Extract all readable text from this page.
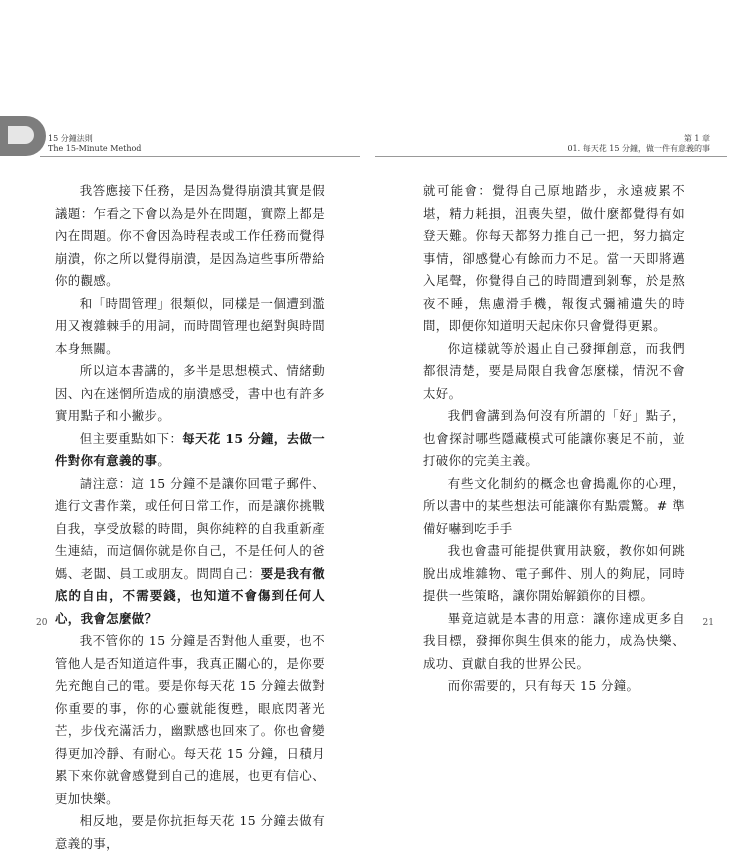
15 分鐘法則
The 15-Minute Method

我答應接下任務，是因為覺得崩潰其實是假議題：乍看之下會以為是外在問題，實際上都是內在問題。你不會因為時程表或工作任務而覺得崩潰，你之所以覺得崩潰，是因為這些事所帶給你的觀感。

和「時間管理」很類似，同樣是一個遭到濫用又複雜棘手的用詞，而時間管理也絕對與時間本身無關。

所以這本書講的，多半是思想模式、情緒動因、內在迷惘所造成的崩潰感受，書中也有許多實用點子和小撇步。

但主要重點如下：每天花 15 分鐘，去做一件對你有意義的事。

請注意：這 15 分鐘不是讓你回電子郵件、進行文書作業，或任何日常工作，而是讓你挑戰自我，享受放鬆的時間，與你純粹的自我重新產生連結，而這個你就是你自己，不是任何人的爸媽、老闆、員工或朋友。問問自己：要是我有徹底的自由，不需要錢，也知道不會傷到任何人心，我會怎麼做？

我不管你的 15 分鐘是否對他人重要，也不管他人是否知道這件事，我真正關心的，是你要先充飽自己的電。要是你每天花 15 分鐘去做對你重要的事，你的心靈就能復甦，眼底閃著光芒，步伐充滿活力，幽默感也回來了。你也會變得更加冷靜、有耐心。每天花 15 分鐘，日積月累下來你就會感覺到自己的進展，也更有信心、更加快樂。

相反地，要是你抗拒每天花 15 分鐘去做有意義的事，

20
第 1 章
01. 每天花 15 分鐘，做一件有意義的事

就可能會：覺得自己原地踏步，永遠疲累不堪，精力耗損，沮喪失望，做什麼都覺得有如登天難。你每天都努力推自己一把，努力搞定事情，卻感覺心有餘而力不足。當一天即將邁入尾聲，你覺得自己的時間遭到剝奪，於是熬夜不睡，焦慮滑手機，報復式彌補遺失的時間，即便你知道明天起床你只會覺得更累。

你這樣就等於遏止自己發揮創意，而我們都很清楚，要是局限自我會怎麼樣，情況不會太好。

我們會講到為何沒有所謂的「好」點子，也會探討哪些隱藏模式可能讓你裹足不前，並打破你的完美主義。

有些文化制約的概念也會搗亂你的心理，所以書中的某些想法可能讓你有點震驚。# 準備好嚇到吃手手

我也會盡可能提供實用訣竅，教你如何跳脫出成堆雜物、電子郵件、別人的夠屁，同時提供一些策略，讓你開始解鎖你的目標。

畢竟這就是本書的用意：讓你達成更多自我目標，發揮你與生俱來的能力，成為快樂、成功、貢獻自我的世界公民。

而你需要的，只有每天 15 分鐘。

21
